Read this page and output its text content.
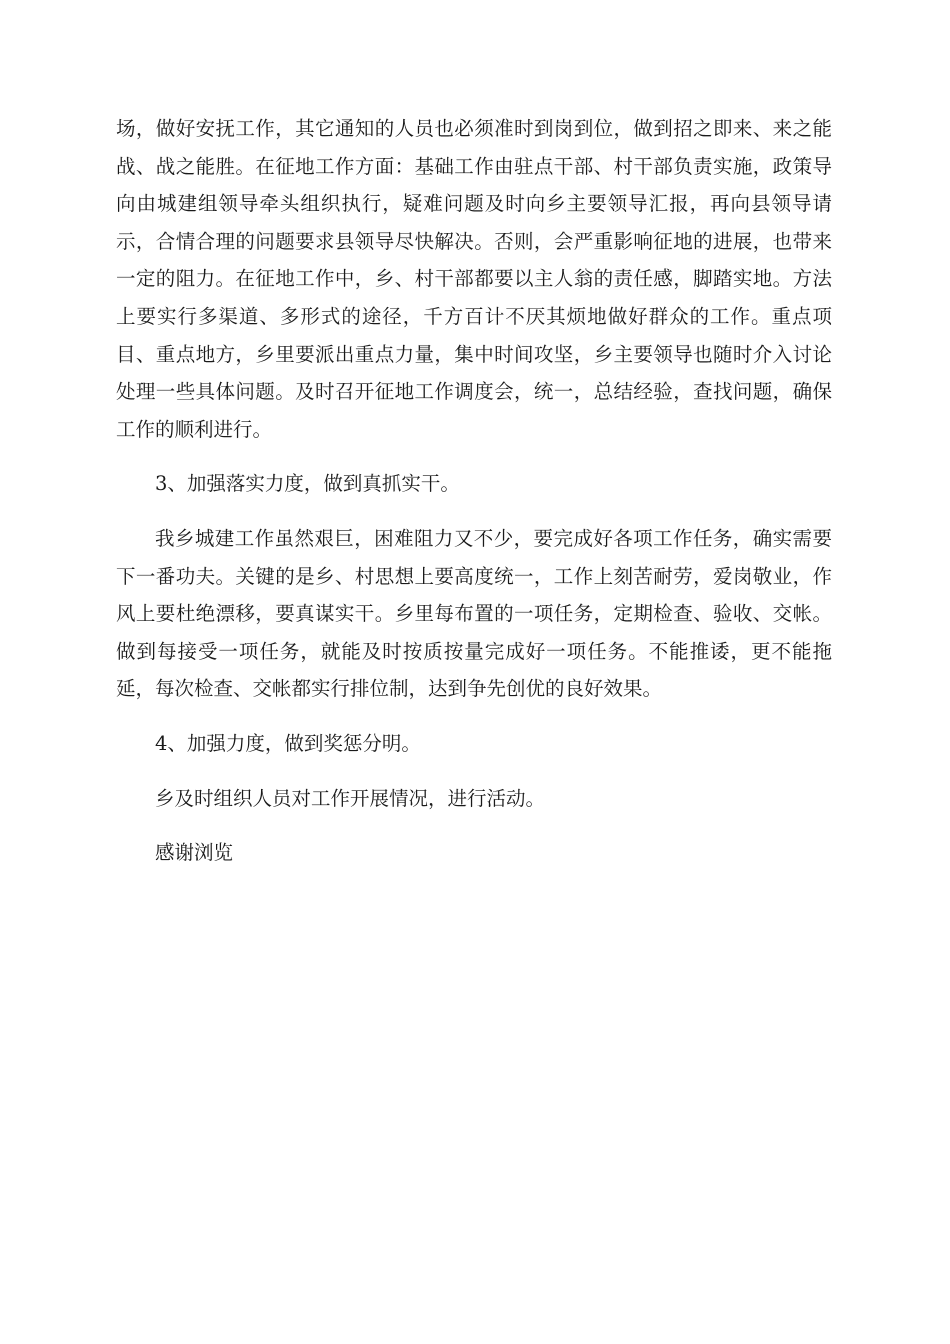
场，做好安抚工作，其它通知的人员也必须准时到岗到位，做到招之即来、来之能战、战之能胜。在征地工作方面：基础工作由驻点干部、村干部负责实施，政策导向由城建组领导牵头组织执行，疑难问题及时向乡主要领导汇报，再向县领导请示，合情合理的问题要求县领导尽快解决。否则，会严重影响征地的进展，也带来一定的阻力。在征地工作中，乡、村干部都要以主人翁的责任感，脚踏实地。方法上要实行多渠道、多形式的途径，千方百计不厌其烦地做好群众的工作。重点项目、重点地方，乡里要派出重点力量，集中时间攻坚，乡主要领导也随时介入讨论处理一些具体问题。及时召开征地工作调度会，统一，总结经验，查找问题，确保工作的顺利进行。

3、加强落实力度，做到真抓实干。

我乡城建工作虽然艰巨，困难阻力又不少，要完成好各项工作任务，确实需要下一番功夫。关键的是乡、村思想上要高度统一，工作上刻苦耐劳，爱岗敬业，作风上要杜绝漂移，要真谋实干。乡里每布置的一项任务，定期检查、验收、交帐。做到每接受一项任务，就能及时按质按量完成好一项任务。不能推诿，更不能拖延，每次检查、交帐都实行排位制，达到争先创优的良好效果。

4、加强力度，做到奖惩分明。

乡及时组织人员对工作开展情况，进行活动。

感谢浏览
